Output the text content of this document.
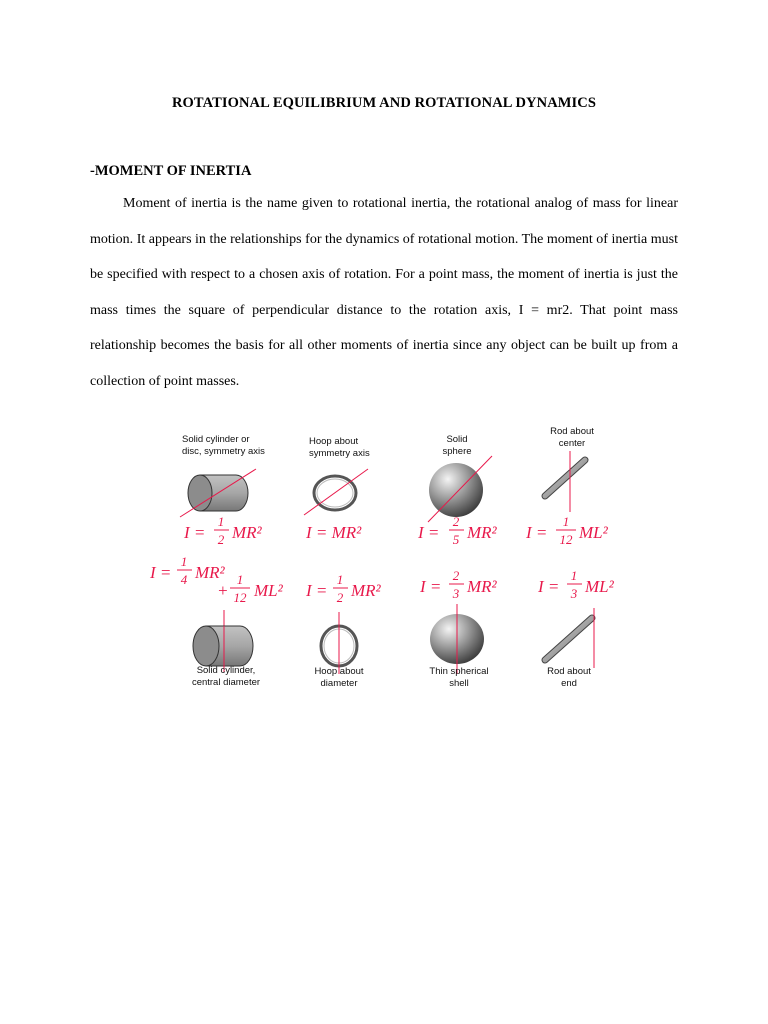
ROTATIONAL EQUILIBRIUM AND ROTATIONAL DYNAMICS
-MOMENT OF INERTIA

Moment of inertia is the name given to rotational inertia, the rotational analog of mass for linear motion. It appears in the relationships for the dynamics of rotational motion. The moment of inertia must be specified with respect to a chosen axis of rotation. For a point mass, the moment of inertia is just the mass times the square of perpendicular distance to the rotation axis, I = mr2. That point mass relationship becomes the basis for all other moments of inertia since any object can be built up from a collection of point masses.

Solid cylinder or disc, symmetry axis
Hoop about symmetry axis
Solid sphere
Rod about center
I =
1
2 MR²	I = MR²	I =
2
5 MR² I =
1
12 ML²
I =
1
4 MR²
+
1
12 ML² I =
1
2 MR² I =
2
3 MR² I =
1
3 ML²
Solid cylinder, central diameter
Hoop about diameter
Thin spherical shell
Rod about end
